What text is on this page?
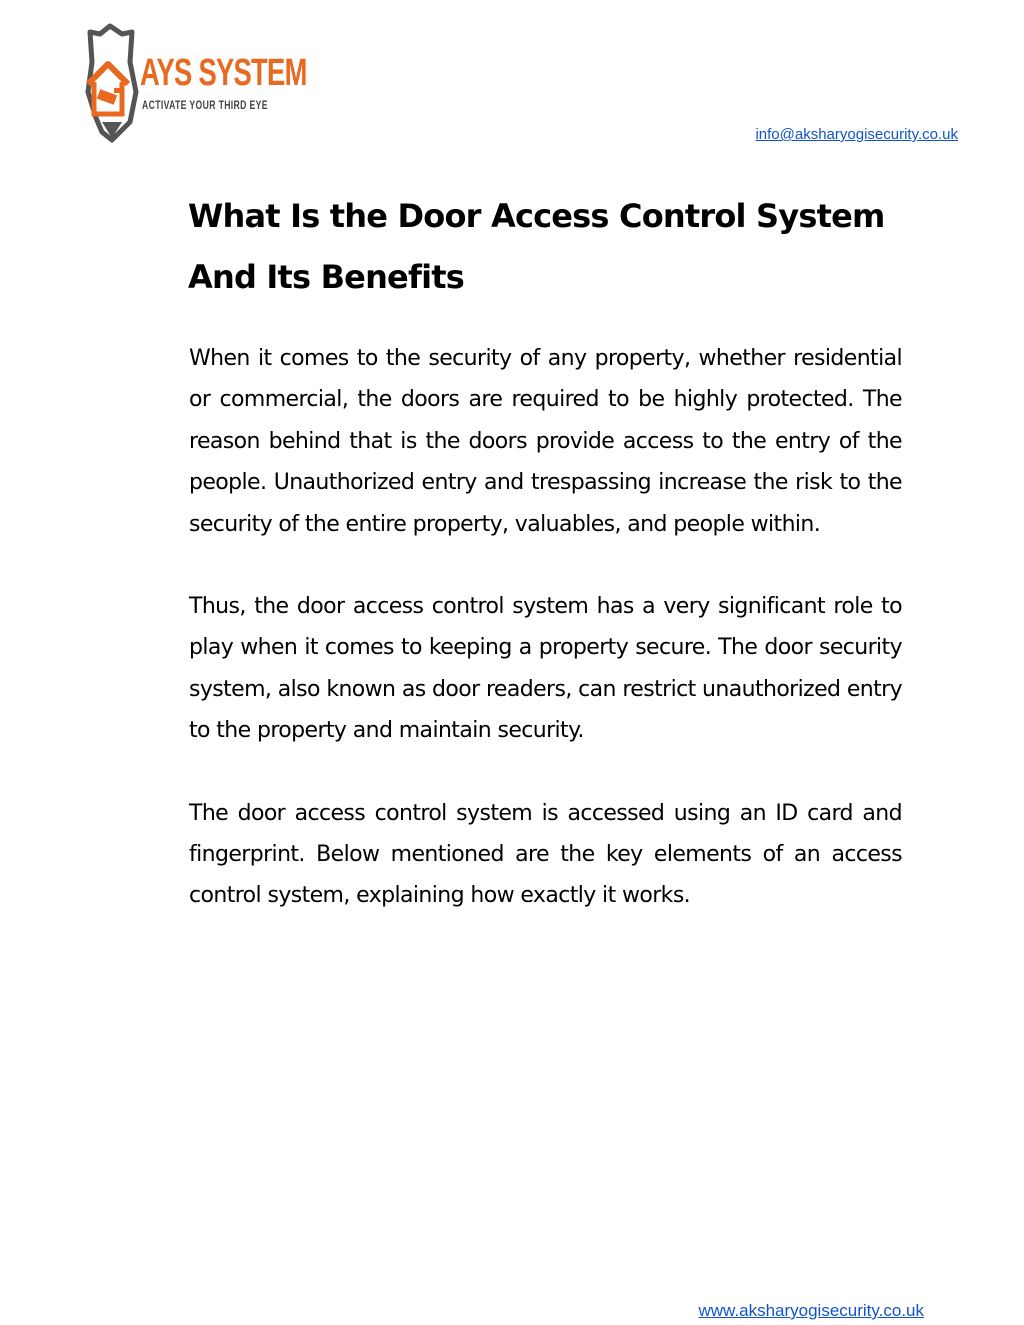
AYS SYSTEM
ACTIVATE YOUR THIRD EYE
info@aksharyogisecurity.co.uk
What Is the Door Access Control System And Its Benefits

When it comes to the security of any property, whether residential or commercial, the doors are required to be highly protected. The reason behind that is the doors provide access to the entry of the people. Unauthorized entry and trespassing increase the risk to the security of the entire property, valuables, and people within.

Thus, the door access control system has a very significant role to play when it comes to keeping a property secure. The door security system, also known as door readers, can restrict unauthorized entry to the property and maintain security.

The door access control system is accessed using an ID card and fingerprint. Below mentioned are the key elements of an access control system, explaining how exactly it works.

www.aksharyogisecurity.co.uk
